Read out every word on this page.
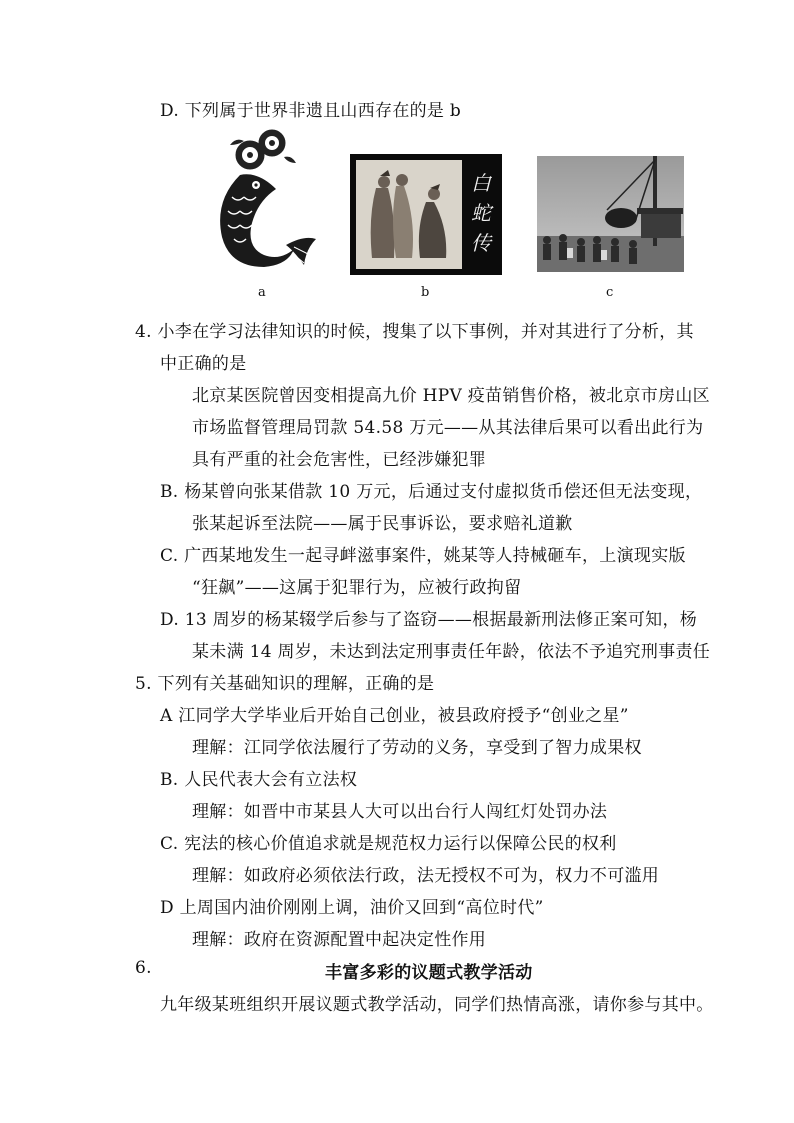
D. 下列属于世界非遗且山西存在的是 b
a
白蛇传
b	c
4. 小李在学习法律知识的时候，搜集了以下事例，并对其进行了分析，其
中正确的是
北京某医院曾因变相提高九价 HPV 疫苗销售价格，被北京市房山区
市场监督管理局罚款 54.58 万元——从其法律后果可以看出此行为
具有严重的社会危害性，已经涉嫌犯罪
B. 杨某曾向张某借款 10 万元，后通过支付虚拟货币偿还但无法变现，
张某起诉至法院——属于民事诉讼，要求赔礼道歉
C. 广西某地发生一起寻衅滋事案件，姚某等人持械砸车，上演现实版
“狂飙”——这属于犯罪行为，应被行政拘留
D. 13 周岁的杨某辍学后参与了盗窃——根据最新刑法修正案可知，杨
某未满 14 周岁，未达到法定刑事责任年龄，依法不予追究刑事责任
5. 下列有关基础知识的理解，正确的是
A 江同学大学毕业后开始自己创业，被县政府授予“创业之星”
理解：江同学依法履行了劳动的义务，享受到了智力成果权
B. 人民代表大会有立法权
理解：如晋中市某县人大可以出台行人闯红灯处罚办法
C. 宪法的核心价值追求就是规范权力运行以保障公民的权利
理解：如政府必须依法行政，法无授权不可为，权力不可滥用
D 上周国内油价刚刚上调，油价又回到“高位时代”
理解：政府在资源配置中起决定性作用
6.	丰富多彩的议题式教学活动
九年级某班组织开展议题式教学活动，同学们热情高涨，请你参与其中。
